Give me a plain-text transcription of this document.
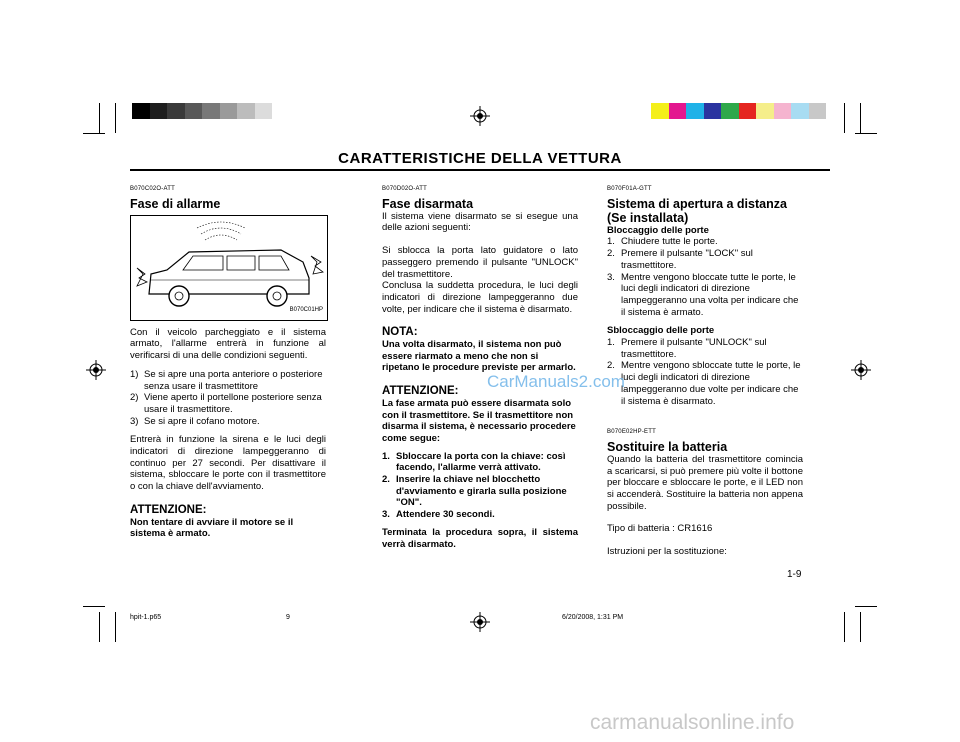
CARATTERISTICHE DELLA VETTURA
B070C02O-ATT
Fase di allarme
B070C01HP
Con il veicolo parcheggiato e il sistema armato, l'allarme entrerà in funzione al verificarsi di una delle condizioni seguenti.
1) Se si apre una porta anteriore o posteriore senza usare il trasmettitore
2) Viene aperto il portellone posteriore senza usare il trasmettitore.
3) Se si apre il cofano motore.
Entrerà in funzione la sirena e le luci degli indicatori di direzione lampeggeranno di continuo per 27 secondi. Per disattivare il sistema, sbloccare le porte con il trasmettitore o con la chiave dell'avviamento.
ATTENZIONE:
Non tentare di avviare il motore se il sistema è armato.
B070D02O-ATT
Fase disarmata
Il sistema viene disarmato se si esegue una delle azioni seguenti:
Si sblocca la porta lato guidatore o lato passeggero premendo il pulsante "UNLOCK" del trasmettitore.
Conclusa la suddetta procedura, le luci degli indicatori di direzione lampeggeranno due volte, per indicare che il sistema è disarmato.
NOTA:
Una volta disarmato, il sistema non può essere riarmato a meno che non si ripetano le procedure previste per armarlo.
ATTENZIONE:
La fase armata può essere disarmata solo con il trasmettitore. Se il trasmettitore non disarma il sistema, è necessario procedere come segue:
1. Sbloccare la porta con la chiave: così facendo, l'allarme verrà attivato.
2. Inserire la chiave nel blocchetto d'avviamento e girarla sulla posizione "ON".
3. Attendere 30 secondi.
Terminata la procedura sopra, il sistema verrà disarmato.
B070F01A-GTT
Sistema di apertura a distanza (Se installata)
Bloccaggio delle porte
1. Chiudere tutte le porte.
2. Premere il pulsante "LOCK" sul trasmettitore.
3. Mentre vengono bloccate tutte le porte, le luci degli indicatori di direzione lampeggeranno una volta per indicare che il sistema è armato.
Sbloccaggio delle porte
1. Premere il pulsante "UNLOCK" sul trasmettitore.
2. Mentre vengono sbloccate tutte le porte, le luci degli indicatori di direzione lampeggeranno due volte per indicare che il sistema è disarmato.
B070E02HP-ETT
Sostituire la batteria
Quando la batteria del trasmettitore comincia a scaricarsi, si può premere più volte il bottone per bloccare e sbloccare le porte, e il LED non si accenderà. Sostituire la batteria non appena possibile.
Tipo di batteria : CR1616
Istruzioni per la sostituzione:
CarManuals2.com
carmanualsonline.info
1-9
hpit-1.p65	9	6/20/2008, 1:31 PM
